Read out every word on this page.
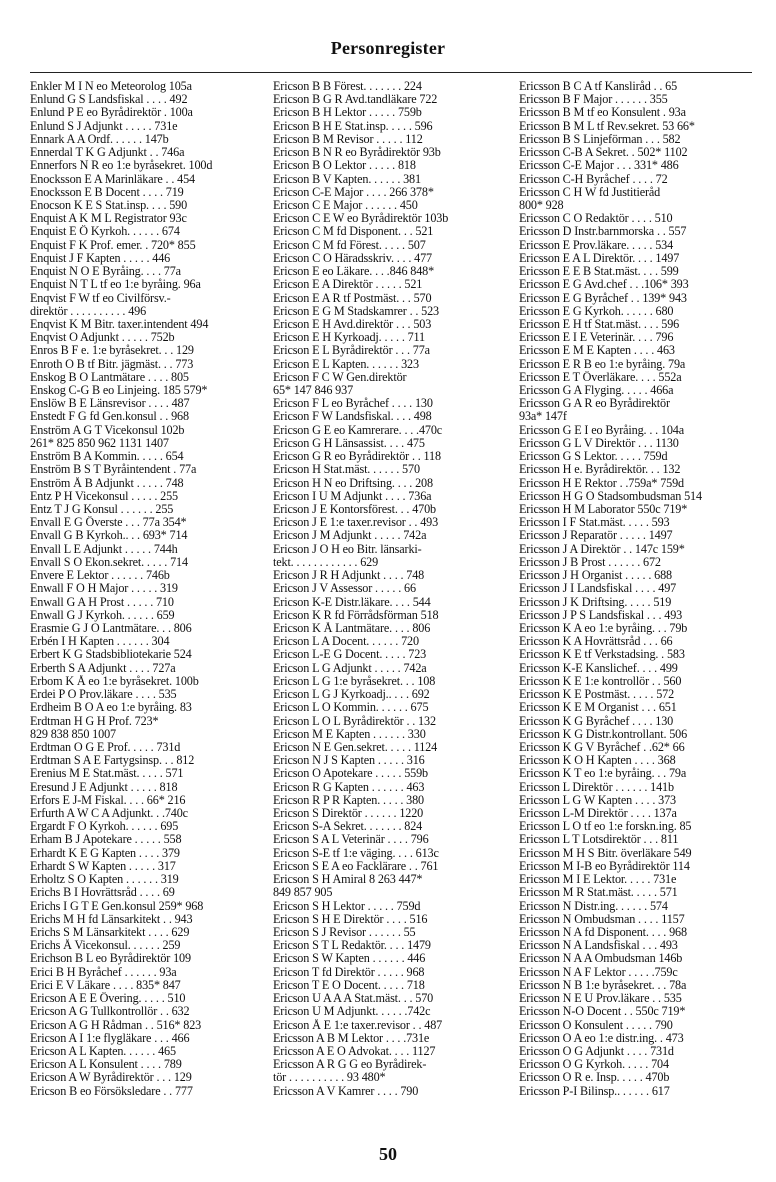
Personregister
Enkler M I N eo Meteorolog 105a
Enlund G S Landsfiskal . . . . 492
Enlund P E eo Byrådirektör . 100a
Enlund S J Adjunkt . . . . . 731e
Ennark A A Ordf. . . . . . 147b
Ennerdal T K G Adjunkt . . 746a
Ennerfors N R eo 1:e byråsekret. 100d
Enocksson E A Marinläkare . . 454
Enocksson E B Docent . . . . 719
Enocson K E S Stat.insp. . . . 590
Enquist A K M L Registrator 93c
Enquist E Ö Kyrkoh. . . . . . 674
Enquist F K Prof. emer. . 720* 855
Enquist J F Kapten . . . . . 446
Enquist N O E Byråing. . . . 77a
Enquist N T L tf eo 1:e byråing. 96a
Enqvist F W tf eo Civilförsv.-
direktör . . . . . . . . . . 496
Enqvist K M Bitr. taxer.intendent 494
Enqvist O Adjunkt . . . . . 752b
Enros B F e. 1:e byråsekret. . . 129
Enroth O B tf Bitr. jägmäst. . . 773
Enskog B O Lantmätare . . . . 805
Enskog C-G B eo Linjeing. 185 579*
Enslöw B E Länsrevisor . . . . 487
Enstedt F G fd Gen.konsul . . 968
Enström A G T Vicekonsul 102b
261* 825 850 962 1131 1407
Enström B A Kommin. . . . . 654
Enström B S T Byråintendent . 77a
Enström Å B Adjunkt . . . . . 748
Entz P H Vicekonsul . . . . . 255
Entz T J G Konsul . . . . . . 255
Envall E G Överste . . . 77a 354*
Envall G B Kyrkoh.. . . 693* 714
Envall L E Adjunkt . . . . . 744h
Envall S O Ekon.sekret. . . . . 714
Envere E Lektor . . . . . . 746b
Enwall F O H Major . . . . . 319
Enwall G A H Prost . . . . . 710
Enwall G J Kyrkoh. . . . . . 659
Erasmie G J O Lantmätare. . . 806
Erbén I H Kapten . . . . . . 304
Erbert K G Stadsbibliotekarie 524
Erberth S A Adjunkt . . . . 727a
Erbom K Å eo 1:e byråsekret. 100b
Erdei P O Prov.läkare . . . . 535
Erdheim B O A eo 1:e byråing. 83
Erdtman H G H Prof. 723*
829 838 850 1007
Erdtman O G E Prof. . . . . 731d
Erdtman S A E Fartygsinsp. . . 812
Erenius M E Stat.mäst. . . . . 571
Eresund J E Adjunkt . . . . . 818
Erfors E J-M Fiskal. . . . 66* 216
Erfurth A W C A Adjunkt. . .740c
Ergardt F O Kyrkoh. . . . . . 695
Erham B J Apotekare . . . . . 558
Erhardt K E G Kapten . . . . 379
Erhardt S W Kapten . . . . . 317
Erholtz S O Kapten . . . . . . 319
Erichs B I Hovrättsråd . . . . 69
Erichs I G T E Gen.konsul 259* 968
Erichs M H fd Länsarkitekt . . 943
Erichs S M Länsarkitekt . . . . 629
Erichs Å Vicekonsul. . . . . . 259
Erichson B L eo Byrådirektör 109
Erici B H Byråchef . . . . . . 93a
Erici E V Läkare . . . . 835* 847
Ericson A E E Övering. . . . . 510
Ericson A G Tullkontrollör . . 632
Ericson A G H Rådman . . 516* 823
Ericson A I 1:e flygläkare . . . 466
Ericson A L Kapten. . . . . . 465
Ericson A L Konsulent . . . . 789
Ericson A W Byrådirektör . . . 129
Ericson B eo Försöksledare . . 777
Ericson B B Förest. . . . . . . 224
Ericson B G R Avd.tandläkare 722
Ericson B H Lektor . . . . . 759b
Ericson B H E Stat.insp. . . . . 596
Ericson B M Revisor . . . . . 112
Ericson B N R eo Byrådirektör 93b
Ericson B O Lektor . . . . . 818
Ericson B V Kapten. . . . . . 381
Ericson C-E Major . . . . 266 378*
Ericson C E Major . . . . . . 450
Ericson C E W eo Byrådirektör 103b
Ericson C M fd Disponent. . . 521
Ericson C M fd Förest. . . . . 507
Ericson C O Häradsskriv. . . . 477
Ericson E eo Läkare. . . .846 848*
Ericson E A Direktör . . . . . 521
Ericson E A R tf Postmäst. . . 570
Ericson E G M Stadskamrer . . 523
Ericson E H Avd.direktör . . . 503
Ericson E H Kyrkoadj. . . . . 711
Ericson E L Byrådirektör . . . 77a
Ericson E L Kapten. . . . . . 323
Ericson F C W Gen.direktör
65* 147 846 937
Ericson F L eo Byråchef . . . . 130
Ericson F W Landsfiskal. . . . 498
Ericson G E eo Kamrerare. . . .470c
Ericson G H Länsassist. . . . 475
Ericson G R eo Byrådirektör . . 118
Ericson H Stat.mäst. . . . . . 570
Ericson H N eo Driftsing. . . . 208
Ericson I U M Adjunkt . . . . 736a
Ericson J E Kontorsförest. . . 470b
Ericson J E 1:e taxer.revisor . . 493
Ericson J M Adjunkt . . . . . 742a
Ericson J O H eo Bitr. länsarki-
tekt. . . . . . . . . . . . 629
Ericson J R H Adjunkt . . . . 748
Ericson J V Assessor . . . . . 66
Ericson K-E Distr.läkare. . . . 544
Ericson K R fd Förrådsförman 518
Ericson K Å Lantmätare. . . . 806
Ericson L A Docent. . . . . . 720
Ericson L-E G Docent. . . . . 723
Ericson L G Adjunkt . . . . . 742a
Ericson L G 1:e byråsekret. . . 108
Ericson L G J Kyrkoadj.. . . . 692
Ericson L O Kommin. . . . . . 675
Ericson L O L Byrådirektör . . 132
Ericson M E Kapten . . . . . . 330
Ericson N E Gen.sekret. . . . . 1124
Ericson N J S Kapten . . . . . 316
Ericson O Apotekare . . . . . 559b
Ericson R G Kapten . . . . . . 463
Ericson R P R Kapten. . . . . 380
Ericson S Direktör . . . . . . 1220
Ericson S-A Sekret. . . . . . . 824
Ericson S A L Veterinär . . . . 796
Ericson S-E tf 1:e väging. . . . 613c
Ericson S E A eo Facklärare . . 761
Ericson S H Amiral 8 263 447*
849 857 905
Ericson S H Lektor . . . . . 759d
Ericson S H E Direktör . . . . 516
Ericson S J Revisor . . . . . . 55
Ericson S T L Redaktör. . . . 1479
Ericson S W Kapten . . . . . . 446
Ericson T fd Direktör . . . . . 968
Ericson T E O Docent. . . . . 718
Ericson U A A A Stat.mäst. . . 570
Ericson U M Adjunkt. . . . . .742c
Ericson Å E 1:e taxer.revisor . . 487
Ericsson A B M Lektor . . . .731e
Ericsson A E O Advokat. . . . 1127
Ericsson A R G G eo Byrådirek-
tör . . . . . . . . . . 93 480*
Ericsson A V Kamrer . . . . 790
Ericsson B C A tf Kansliråd . . 65
Ericsson B F Major . . . . . . 355
Ericsson B M tf eo Konsulent . 93a
Ericsson B M L tf Rev.sekret. 53 66*
Ericsson B S Linjeförman . . . 582
Ericsson C-B A Sekret. . 502* 1102
Ericsson C-E Major . . . 331* 486
Ericsson C-H Byråchef . . . . 72
Ericsson C H W fd Justitieråd
800* 928
Ericsson C O Redaktör . . . . 510
Ericsson D Instr.barnmorska . . 557
Ericsson E Prov.läkare. . . . . 534
Ericsson E A L Direktör. . . . 1497
Ericsson E E B Stat.mäst. . . . 599
Ericsson E G Avd.chef . . .106* 393
Ericsson E G Byråchef . . 139* 943
Ericsson E G Kyrkoh. . . . . . 680
Ericsson E H tf Stat.mäst. . . . 596
Ericsson E I E Veterinär. . . . 796
Ericsson E M E Kapten . . . . 463
Ericsson E R B eo 1:e byråing. 79a
Ericsson E T Överläkare. . . . 552a
Ericsson G A Flyging. . . . . 466a
Ericsson G A R eo Byrådirektör
93a* 147f
Ericsson G E I eo Byråing. . . 104a
Ericsson G L V Direktör . . . 1130
Ericsson G S Lektor. . . . . 759d
Ericsson H e. Byrådirektör. . . 132
Ericsson H E Rektor . .759a* 759d
Ericsson H G O Stadsombudsman 514
Ericsson H M Laborator 550c 719*
Ericsson I F Stat.mäst. . . . . 593
Ericsson J Reparatör . . . . . 1497
Ericsson J A Direktör . . 147c 159*
Ericsson J B Prost . . . . . . 672
Ericsson J H Organist . . . . . 688
Ericsson J I Landsfiskal . . . . 497
Ericsson J K Driftsing. . . . . 519
Ericsson J P S Landsfiskal . . . 493
Ericsson K A eo 1:e byråing. . . 79b
Ericsson K A Hovrättsråd . . . 66
Ericsson K E tf Verkstadsing. . 583
Ericsson K-E Kanslichef. . . . 499
Ericsson K E 1:e kontrollör . . 560
Ericsson K E Postmäst. . . . . 572
Ericsson K E M Organist . . . 651
Ericsson K G Byråchef . . . . 130
Ericsson K G Distr.kontrollant. 506
Ericsson K G V Byråchef . .62* 66
Ericsson K O H Kapten . . . . 368
Ericsson K T eo 1:e byråing. . . 79a
Ericsson L Direktör . . . . . . 141b
Ericsson L G W Kapten . . . . 373
Ericsson L-M Direktör . . . . 137a
Ericsson L O tf eo 1:e forskn.ing. 85
Ericsson L T Lotsdirektör . . . 811
Ericsson M H S Bitr. överläkare 549
Ericsson M I-B eo Byrådirektör 114
Ericsson M I E Lektor. . . . . 731e
Ericsson M R Stat.mäst. . . . . 571
Ericsson N Distr.ing. . . . . . 574
Ericsson N Ombudsman . . . . 1157
Ericsson N A fd Disponent. . . . 968
Ericsson N A Landsfiskal . . . 493
Ericsson N A A Ombudsman 146b
Ericsson N A F Lektor . . . . .759c
Ericsson N B 1:e byråsekret. . . 78a
Ericsson N E U Prov.läkare . . 535
Ericsson N-O Docent . . 550c 719*
Ericsson O Konsulent . . . . . 790
Ericsson O A eo 1:e distr.ing. . 473
Ericsson O G Adjunkt . . . . 731d
Ericsson O G Kyrkoh. . . . . 704
Ericsson O R e. Insp. . . . . 470b
Ericsson P-I Bilinsp.. . . . . . 617
50
